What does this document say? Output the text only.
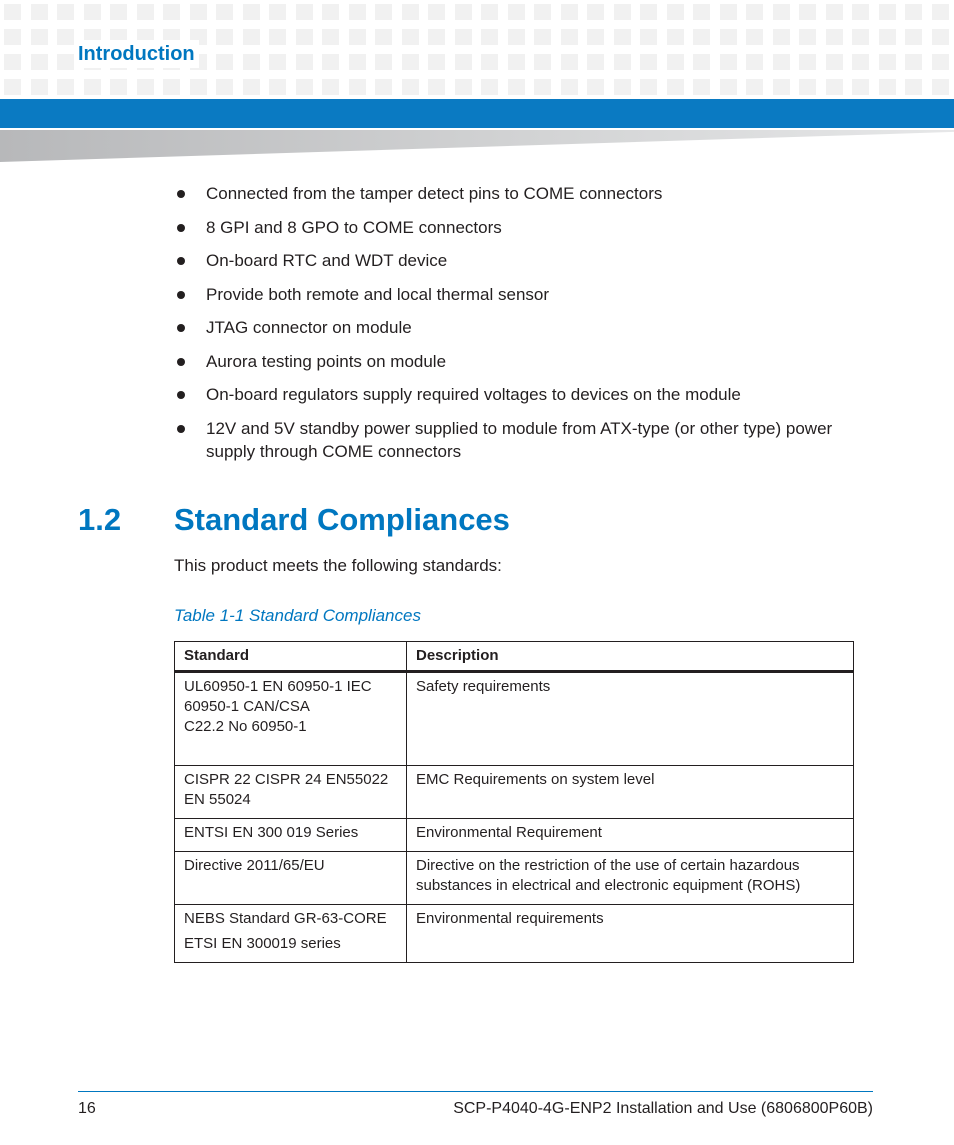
Introduction
Connected from the tamper detect pins to COME connectors
8 GPI and 8 GPO to COME connectors
On-board RTC and WDT device
Provide both remote and local thermal sensor
JTAG connector on module
Aurora testing points on module
On-board regulators supply required voltages to devices on the module
12V and 5V standby power supplied to module from ATX-type (or other type) power supply through COME connectors
1.2	Standard Compliances
This product meets the following standards:
Table 1-1 Standard Compliances
Standard	Description
UL60950-1 EN 60950-1 IEC 60950-1 CAN/CSA
C22.2 No 60950-1	Safety requirements
CISPR 22 CISPR 24 EN55022 EN 55024	EMC Requirements on system level
ENTSI EN 300 019 Series	Environmental Requirement
Directive 2011/65/EU	Directive on the restriction of the use of certain hazardous substances in electrical and electronic equipment (ROHS)
NEBS Standard GR-63-CORE
ETSI EN 300019 series	Environmental requirements
16	SCP-P4040-4G-ENP2 Installation and Use (6806800P60B)
